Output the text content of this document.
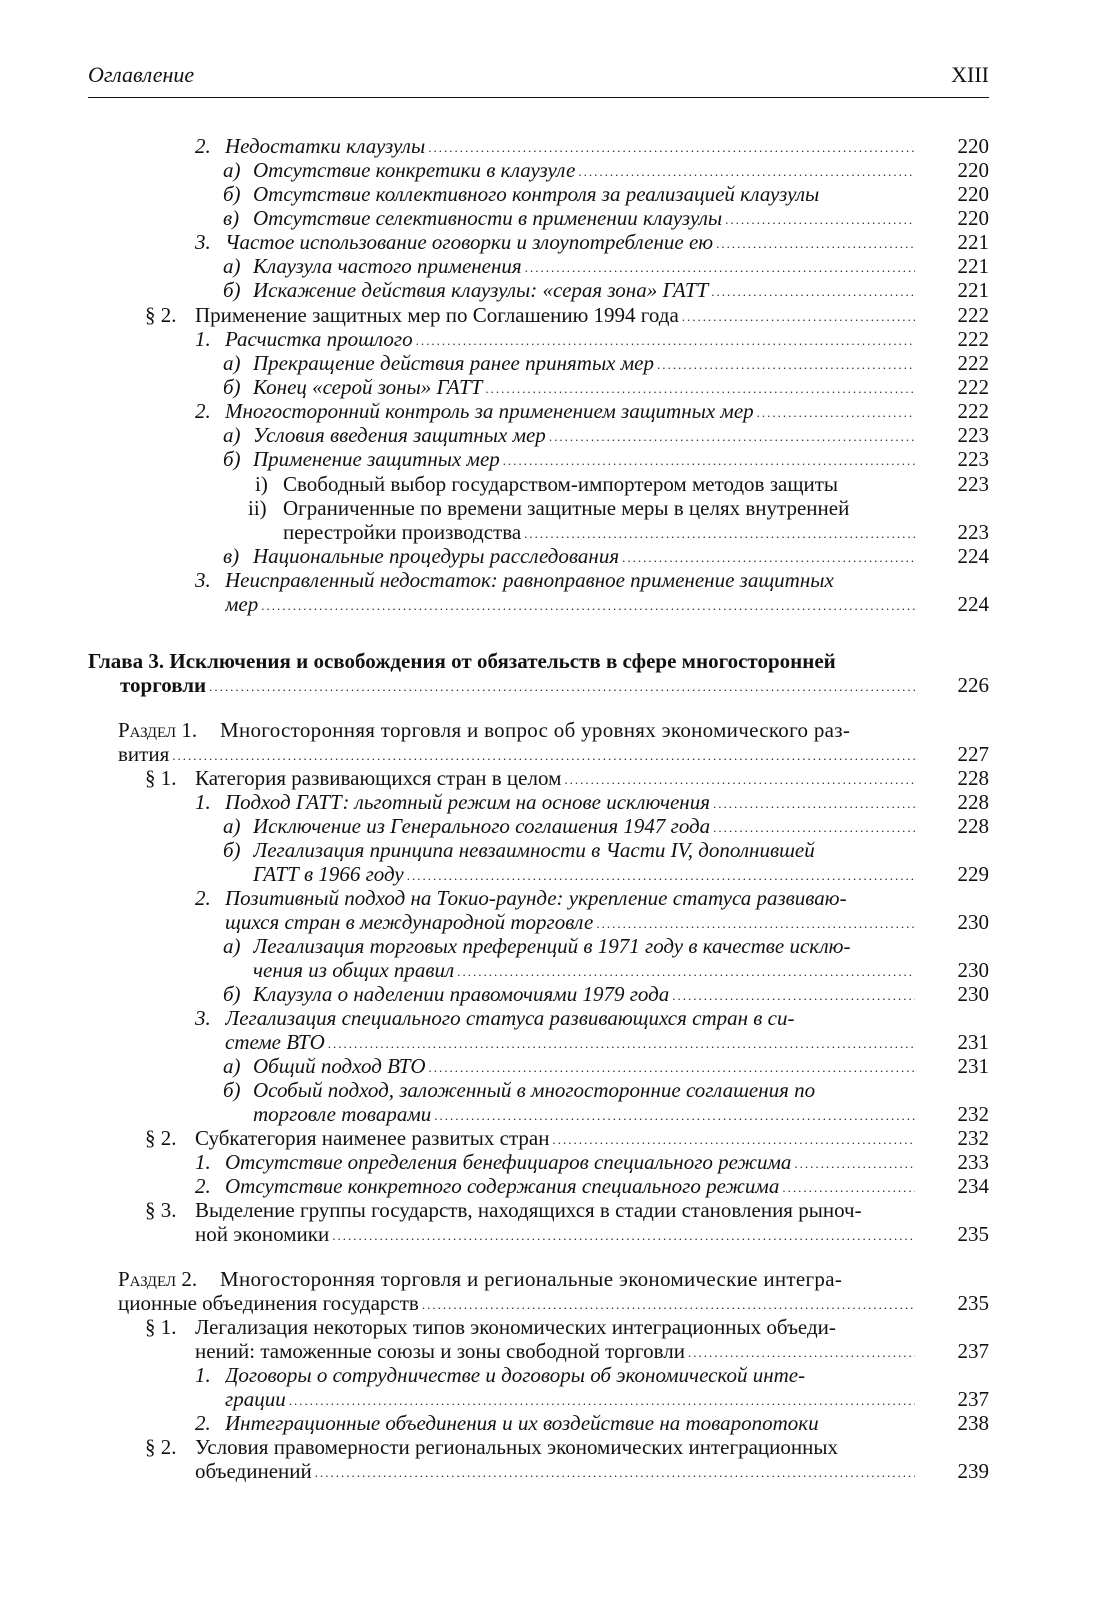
Оглавление	XIII
2. Недостатки клаузулы .....	220
а) Отсутствие конкретики в клаузуле .....	220
б) Отсутствие коллективного контроля за реализацией клаузулы	220
в) Отсутствие селективности в применении клаузулы .....	220
3. Частое использование оговорки и злоупотребление ею .....	221
а) Клаузула частого применения .....	221
б) Искажение действия клаузулы: «серая зона» ГАТТ .....	221
§ 2. Применение защитных мер по Соглашению 1994 года .....	222
1. Расчистка прошлого .....	222
а) Прекращение действия ранее принятых мер .....	222
б) Конец «серой зоны» ГАТТ .....	222
2. Многосторонний контроль за применением защитных мер .....	222
а) Условия введения защитных мер .....	223
б) Применение защитных мер .....	223
i) Свободный выбор государством-импортером методов защиты	223
ii) Ограниченные по времени защитные меры в целях внутренней
перестройки производства .....	223
в) Национальные процедуры расследования .....	224
3. Неисправленный недостаток: равноправное применение защитных
мер .....	224
Глава 3. Исключения и освобождения от обязательств в сфере многосторонней
торговли .....	226
Раздел 1. Многосторонняя торговля и вопрос об уровнях экономического раз-
вития .....	227
§ 1. Категория развивающихся стран в целом .....	228
1. Подход ГАТТ: льготный режим на основе исключения .....	228
а) Исключение из Генерального соглашения 1947 года .....	228
б) Легализация принципа невзаимности в Части IV, дополнившей
ГАТТ в 1966 году .....	229
2. Позитивный подход на Токио-раунде: укрепление статуса развиваю-
щихся стран в международной торговле .....	230
а) Легализация торговых преференций в 1971 году в качестве исклю-
чения из общих правил .....	230
б) Клаузула о наделении правомочиями 1979 года .....	230
3. Легализация специального статуса развивающихся стран в си-
стеме ВТО .....	231
а) Общий подход ВТО .....	231
б) Особый подход, заложенный в многосторонние соглашения по
торговле товарами .....	232
§ 2. Субкатегория наименее развитых стран .....	232
1. Отсутствие определения бенефициаров специального режима .....	233
2. Отсутствие конкретного содержания специального режима .....	234
§ 3. Выделение группы государств, находящихся в стадии становления рыноч-
ной экономики .....	235
Раздел 2. Многосторонняя торговля и региональные экономические интегра-
ционные объединения государств .....	235
§ 1. Легализация некоторых типов экономических интеграционных объеди-
нений: таможенные союзы и зоны свободной торговли .....	237
1. Договоры о сотрудничестве и договоры об экономической инте-
грации .....	237
2. Интеграционные объединения и их воздействие на товаропотоки	238
§ 2. Условия правомерности региональных экономических интеграционных
объединений .....	239
